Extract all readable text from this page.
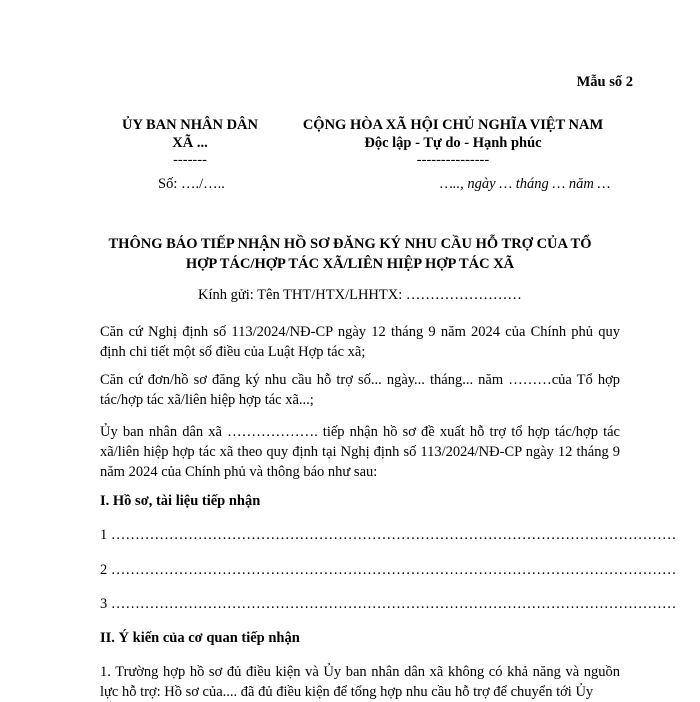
Mẫu số 2
ỦY BAN NHÂN DÂN
XÃ ...
-------
CỘNG HÒA XÃ HỘI CHỦ NGHĨA VIỆT NAM
Độc lập - Tự do - Hạnh phúc
---------------
Số: …./…..	….., ngày … tháng … năm …
THÔNG BÁO TIẾP NHẬN HỒ SƠ ĐĂNG KÝ NHU CẦU HỖ TRỢ CỦA TỔ
HỢP TÁC/HỢP TÁC XÃ/LIÊN HIỆP HỢP TÁC XÃ
Kính gửi: Tên THT/HTX/LHHTX: ……………………
Căn cứ Nghị định số 113/2024/NĐ-CP ngày 12 tháng 9 năm 2024 của Chính phủ quy định chi tiết một số điều của Luật Hợp tác xã;
Căn cứ đơn/hồ sơ đăng ký nhu cầu hỗ trợ số... ngày... tháng... năm ………của Tổ hợp tác/hợp tác xã/liên hiệp hợp tác xã...;
Ủy ban nhân dân xã ………………. tiếp nhận hồ sơ đề xuất hỗ trợ tổ hợp tác/hợp tác xã/liên hiệp hợp tác xã theo quy định tại Nghị định số 113/2024/NĐ-CP ngày 12 tháng 9 năm 2024 của Chính phủ và thông báo như sau:
I. Hồ sơ, tài liệu tiếp nhận
1 ………………………………………………………………………………………………………
2 ………………………………………………………………………………………………………
3 ………………………………………………………………………………………………………
II. Ý kiến của cơ quan tiếp nhận
1. Trường hợp hồ sơ đủ điều kiện và Ủy ban nhân dân xã không có khả năng và nguồn lực hỗ trợ: Hồ sơ của.... đã đủ điều kiện để tổng hợp nhu cầu hỗ trợ để chuyển tới Ủy
